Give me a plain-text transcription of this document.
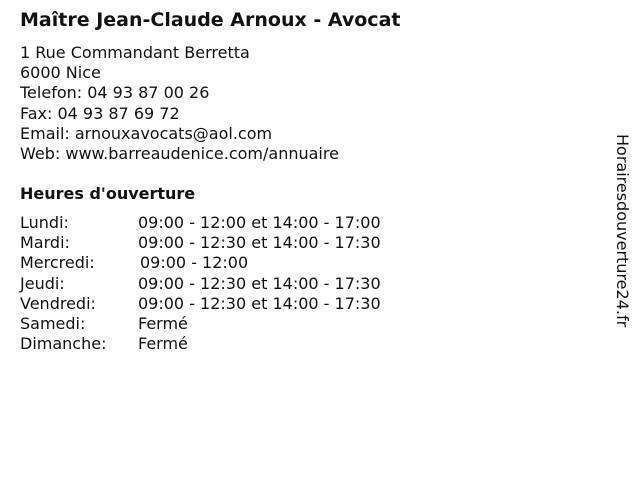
Maître Jean-Claude Arnoux - Avocat
1 Rue Commandant Berretta
6000 Nice
Telefon: 04 93 87 00 26
Fax: 04 93 87 69 72
Email: arnouxavocats@aol.com
Web: www.barreaudenice.com/annuaire
Heures d'ouverture
Lundi:	09:00 - 12:00 et 14:00 - 17:00
Mardi:	09:00 - 12:30 et 14:00 - 17:30
Mercredi:	09:00 - 12:00
Jeudi:	09:00 - 12:30 et 14:00 - 17:30
Vendredi:	09:00 - 12:30 et 14:00 - 17:30
Samedi:	Fermé
Dimanche: Fermé
Horairesdouverture24.fr
